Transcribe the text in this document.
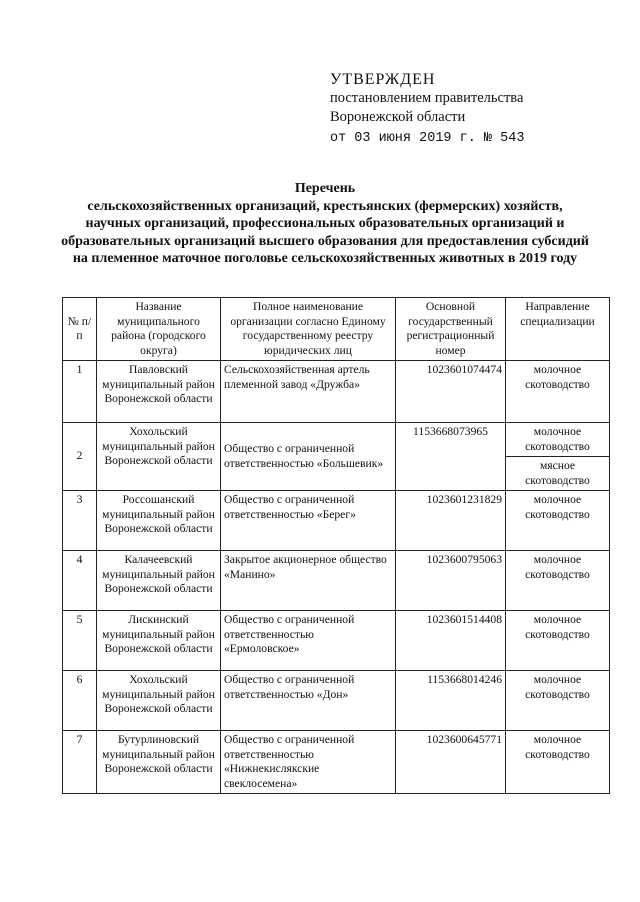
УТВЕРЖДЕН
постановлением правительства
Воронежской области
от 03 июня 2019 г. № 543
Перечень
сельскохозяйственных организаций, крестьянских (фермерских) хозяйств, научных организаций, профессиональных образовательных организаций и образовательных организаций высшего образования для предоставления субсидий на племенное маточное поголовье сельскохозяйственных животных в 2019 году
№ п/п	Название муниципального района (городского округа)	Полное наименование организации согласно Единому государственному реестру юридических лиц	Основной государственный регистрационный номер	Направление специализации
1	Павловский муниципальный район Воронежской области	Сельскохозяйственная артель племенной завод «Дружба»	1023601074474	молочное скотоводство
2	Хохольский муниципальный район Воронежской области	Общество с ограниченной ответственностью «Большевик»	1153668073965	молочное скотоводство
				мясное скотоводство
3	Россошанский муниципальный район Воронежской области	Общество с ограниченной ответственностью «Берег»	1023601231829	молочное скотоводство
4	Калачеевский муниципальный район Воронежской области	Закрытое акционерное общество «Манино»	1023600795063	молочное скотоводство
5	Лискинский муниципальный район Воронежской области	Общество с ограниченной ответственностью «Ермоловское»	1023601514408	молочное скотоводство
6	Хохольский муниципальный район Воронежской области	Общество с ограниченной ответственностью «Дон»	1153668014246	молочное скотоводство
7	Бутурлиновский муниципальный район Воронежской области	Общество с ограниченной ответственностью «Нижнекислякские свеклосемена»	1023600645771	молочное скотоводство
